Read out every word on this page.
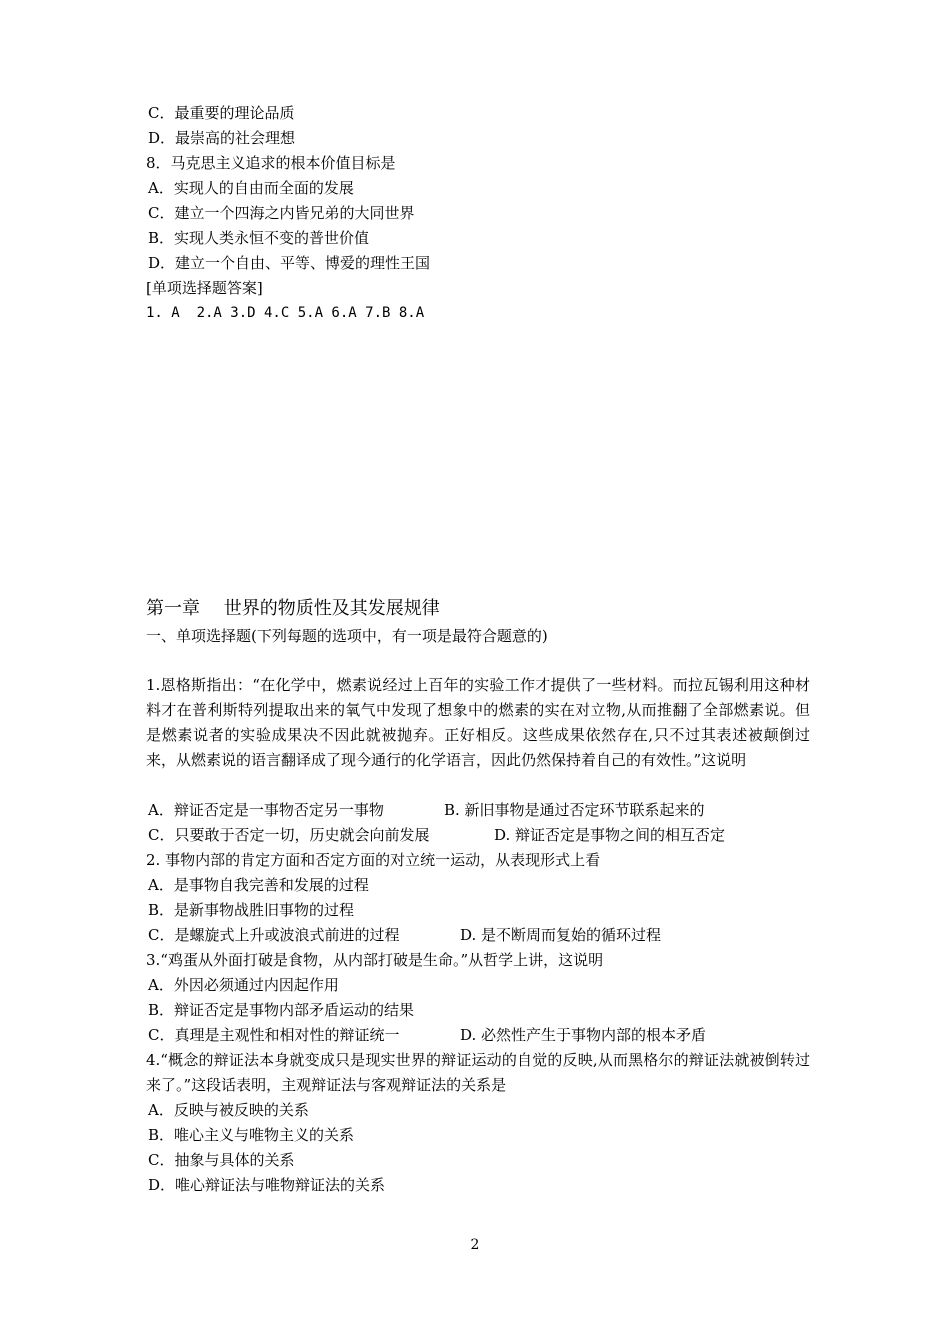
C．最重要的理论品质
D．最崇高的社会理想
8．马克思主义追求的根本价值目标是
A．实现人的自由而全面的发展
C．建立一个四海之内皆兄弟的大同世界
B．实现人类永恒不变的普世价值
D．建立一个自由、平等、博爱的理性王国
[单项选择题答案]
1. A  2.A 3.D 4.C 5.A 6.A 7.B 8.A
第一章　 世界的物质性及其发展规律
一、单项选择题(下列每题的选项中，有一项是最符合题意的)
1.恩格斯指出：“在化学中，燃素说经过上百年的实验工作才提供了一些材料。而拉瓦锡利用这种材料才在普利斯特列提取出来的氧气中发现了想象中的燃素的实在对立物,从而推翻了全部燃素说。但是燃素说者的实验成果决不因此就被抛弃。正好相反。这些成果依然存在,只不过其表述被颠倒过来，从燃素说的语言翻译成了现今通行的化学语言，因此仍然保持着自己的有效性。”这说明
A．辩证否定是一事物否定另一事物	B. 新旧事物是通过否定环节联系起来的
C．只要敢于否定一切，历史就会向前发展	D. 辩证否定是事物之间的相互否定
2. 事物内部的肯定方面和否定方面的对立统一运动，从表现形式上看
A．是事物自我完善和发展的过程
B．是新事物战胜旧事物的过程
C．是螺旋式上升或波浪式前进的过程	D. 是不断周而复始的循环过程
3.“鸡蛋从外面打破是食物，从内部打破是生命。”从哲学上讲，这说明
A．外因必须通过内因起作用
B．辩证否定是事物内部矛盾运动的结果
C．真理是主观性和相对性的辩证统一	D. 必然性产生于事物内部的根本矛盾
4.“概念的辩证法本身就变成只是现实世界的辩证运动的自觉的反映,从而黑格尔的辩证法就被倒转过来了。”这段话表明，主观辩证法与客观辩证法的关系是
A．反映与被反映的关系
B．唯心主义与唯物主义的关系
C．抽象与具体的关系
D．唯心辩证法与唯物辩证法的关系
2
